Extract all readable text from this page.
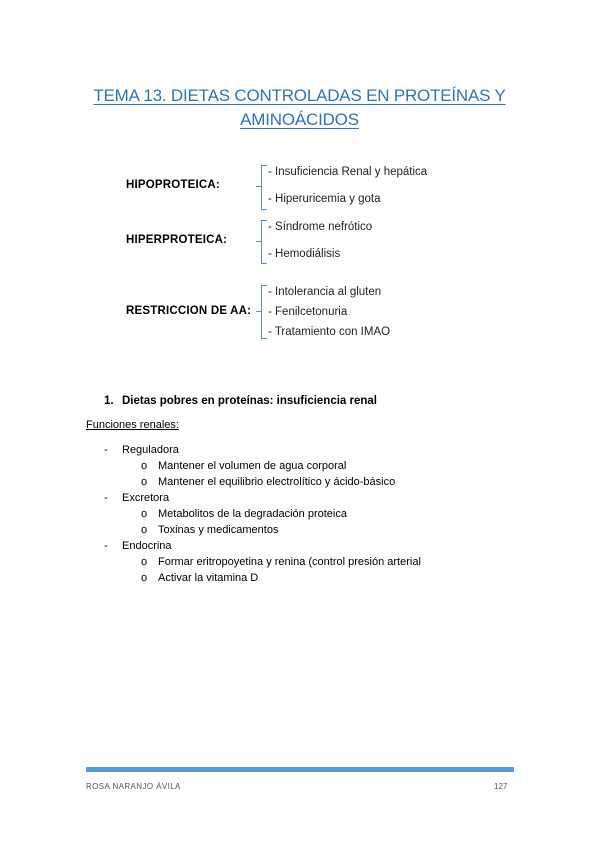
TEMA 13. DIETAS CONTROLADAS EN PROTEÍNAS Y
AMINOÁCIDOS
HIPOPROTEICA:
- Insuficiencia Renal y hepática
- Hiperuricemia y gota
HIPERPROTEICA:
- Síndrome nefrótico
- Hemodiálisis
RESTRICCION DE AA:
- Intolerancia al gluten
- Fenilcetonuria
- Tratamiento con IMAO
1. Dietas pobres en proteínas: insuficiencia renal
Funciones renales:
- Reguladora
o Mantener el volumen de agua corporal
o Mantener el equilibrio electrolítico y ácido-básico
- Excretora
o Metabolitos de la degradación proteica
o Toxinas y medicamentos
- Endocrina
o Formar eritropoyetina y renina (control presión arterial
o Activar la vitamina D
ROSA NARANJO ÁVILA	127
